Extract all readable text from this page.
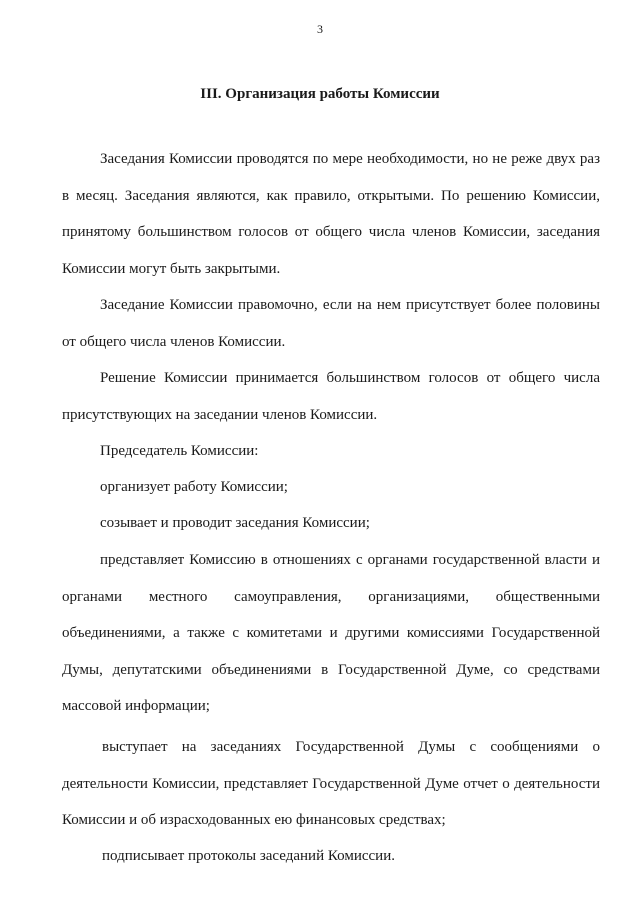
3

III. Организация работы Комиссии

Заседания Комиссии проводятся по мере необходимости, но не реже двух раз в месяц. Заседания являются, как правило, открытыми. По решению Комиссии, принятому большинством голосов от общего числа членов Комиссии, заседания Комиссии могут быть закрытыми.

Заседание Комиссии правомочно, если на нем присутствует более половины от общего числа членов Комиссии.

Решение Комиссии принимается большинством голосов от общего числа присутствующих на заседании членов Комиссии.

Председатель Комиссии:

организует работу Комиссии;

созывает и проводит заседания Комиссии;

представляет Комиссию в отношениях с органами государственной власти и органами местного самоуправления, организациями, общественными объединениями, а также с комитетами и другими комиссиями Государственной Думы, депутатскими объединениями в Государственной Думе, со средствами массовой информации;

выступает на заседаниях Государственной Думы с сообщениями о деятельности Комиссии, представляет Государственной Думе отчет о деятельности Комиссии и об израсходованных ею финансовых средствах;

подписывает протоколы заседаний Комиссии.
